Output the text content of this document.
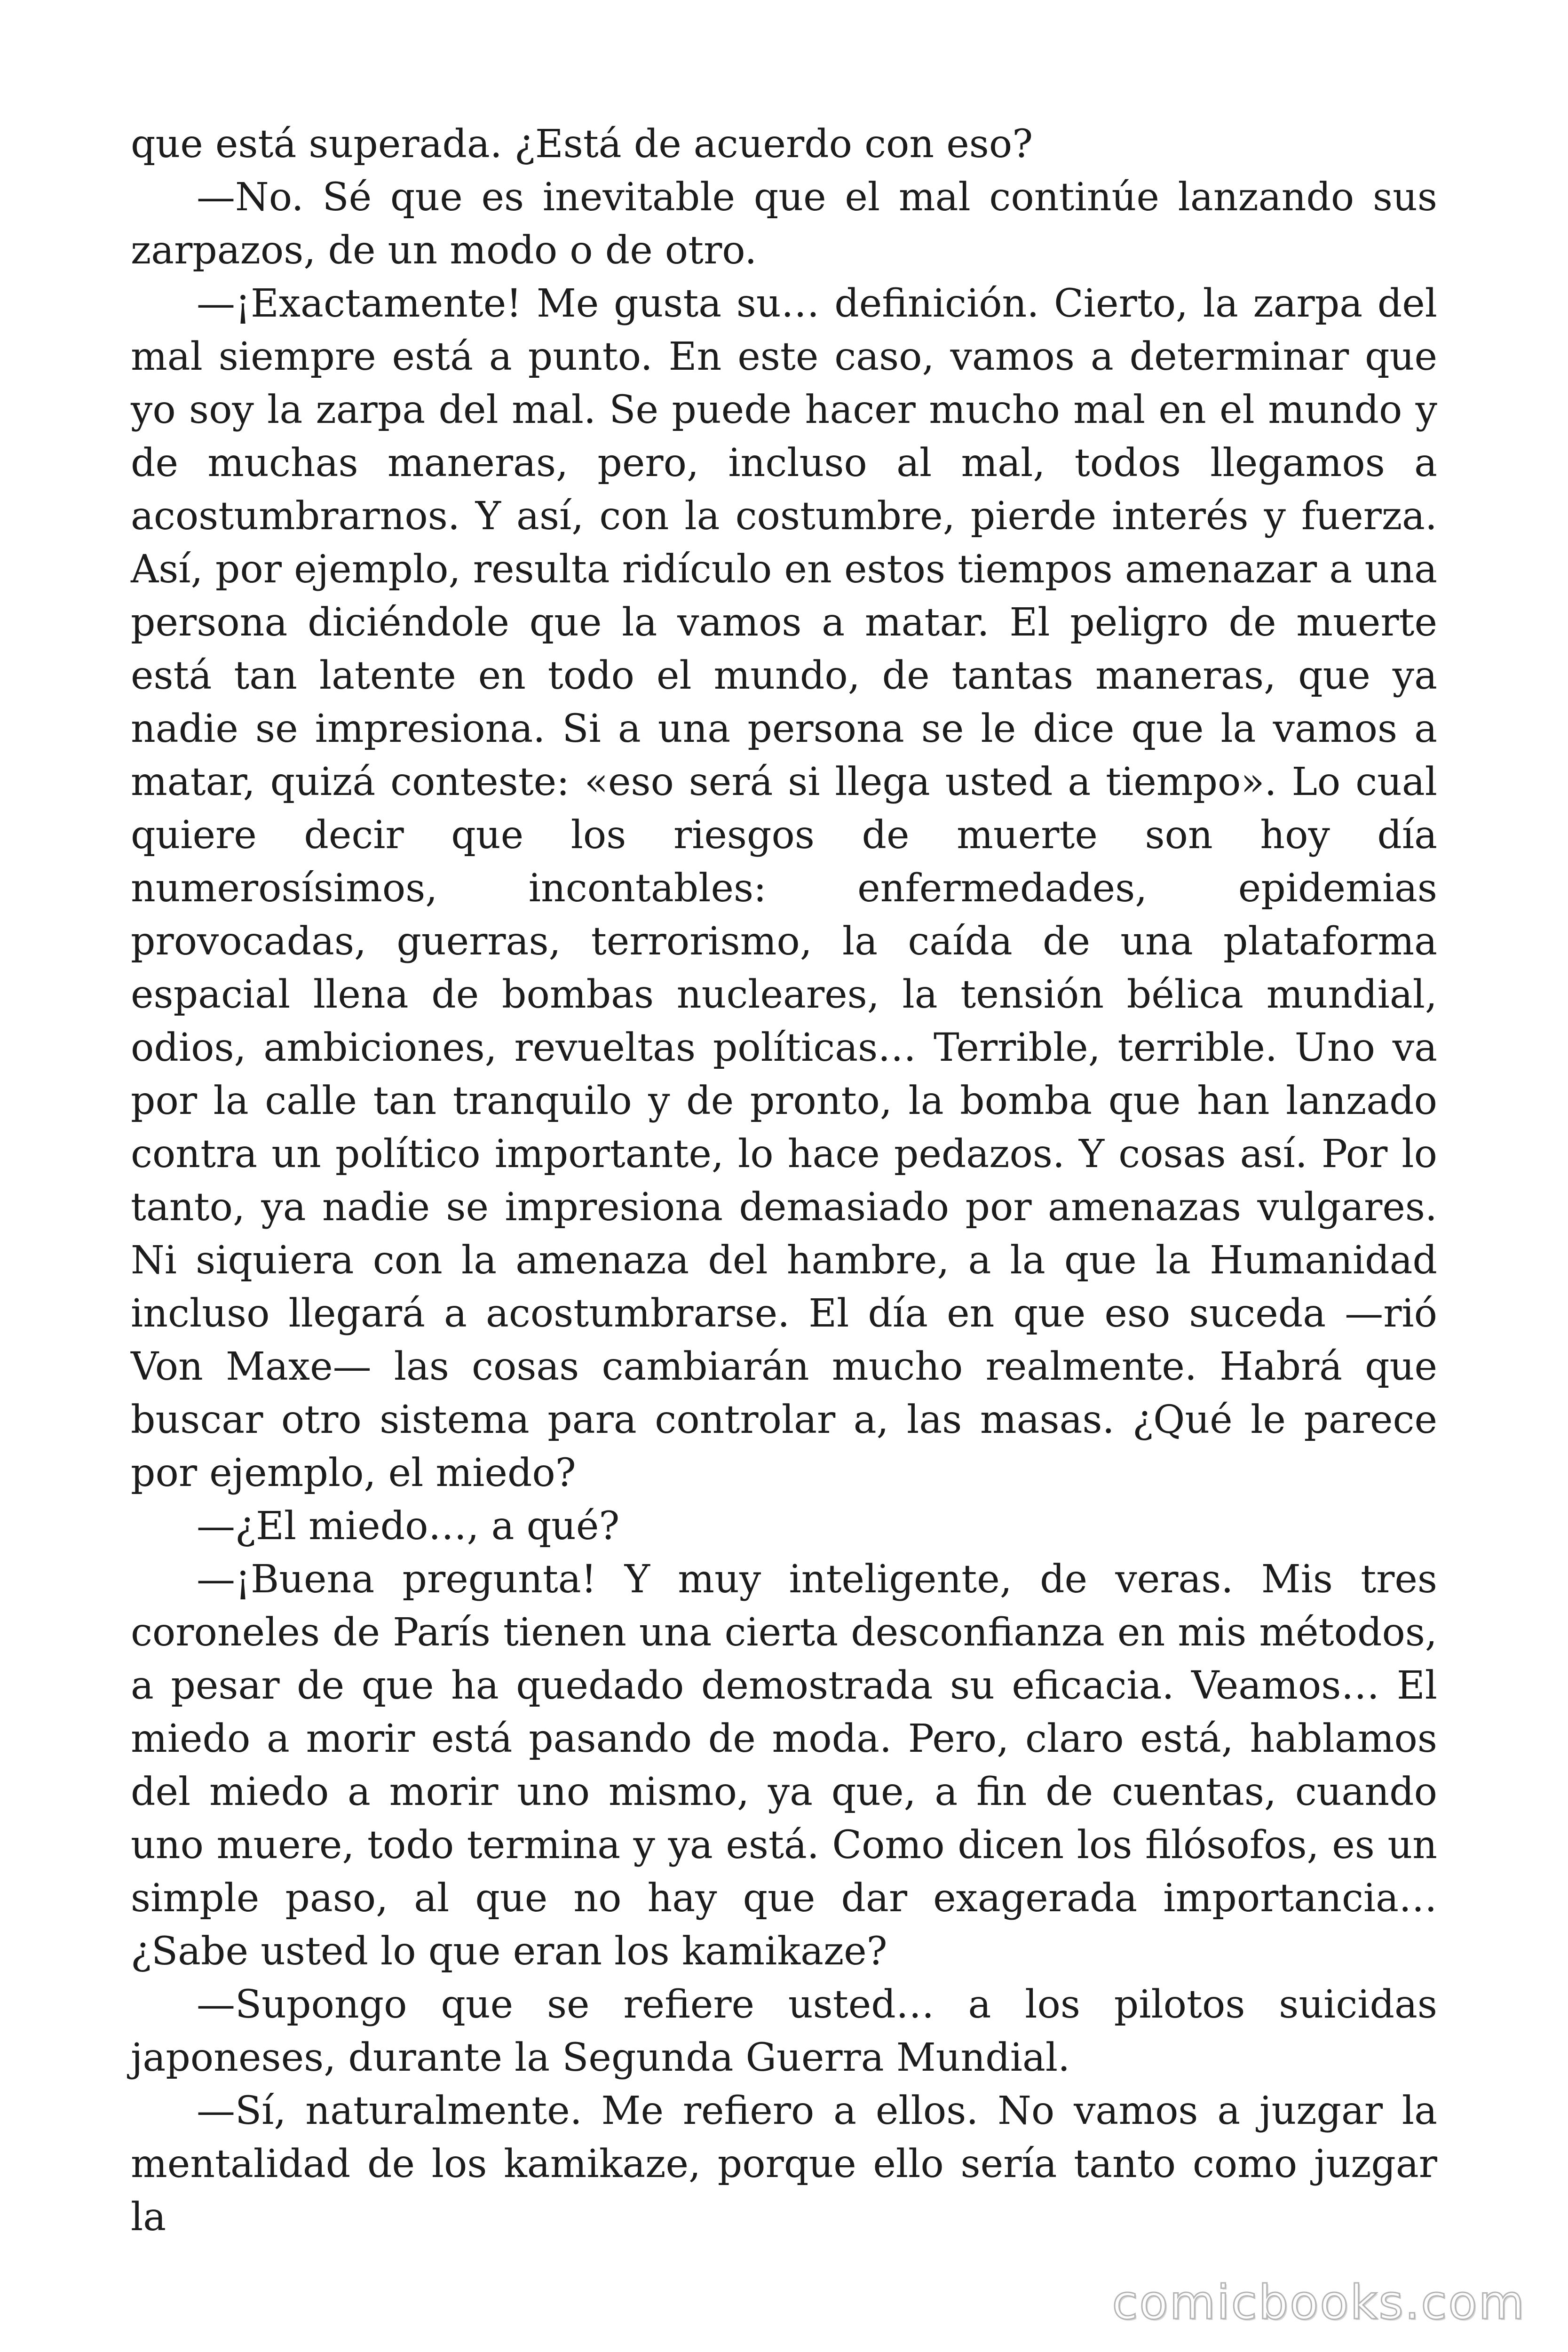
que está superada. ¿Está de acuerdo con eso?

—No. Sé que es inevitable que el mal continúe lanzando sus zarpazos, de un modo o de otro.

—¡Exactamente! Me gusta su… definición. Cierto, la zarpa del mal siempre está a punto. En este caso, vamos a determinar que yo soy la zarpa del mal. Se puede hacer mucho mal en el mundo y de muchas maneras, pero, incluso al mal, todos llegamos a acostumbrarnos. Y así, con la costumbre, pierde interés y fuerza. Así, por ejemplo, resulta ridículo en estos tiempos amenazar a una persona diciéndole que la vamos a matar. El peligro de muerte está tan latente en todo el mundo, de tantas maneras, que ya nadie se impresiona. Si a una persona se le dice que la vamos a matar, quizá conteste: «eso será si llega usted a tiempo». Lo cual quiere decir que los riesgos de muerte son hoy día numerosísimos, incontables: enfermedades, epidemias provocadas, guerras, terrorismo, la caída de una plataforma espacial llena de bombas nucleares, la tensión bélica mundial, odios, ambiciones, revueltas políticas… Terrible, terrible. Uno va por la calle tan tranquilo y de pronto, la bomba que han lanzado contra un político importante, lo hace pedazos. Y cosas así. Por lo tanto, ya nadie se impresiona demasiado por amenazas vulgares. Ni siquiera con la amenaza del hambre, a la que la Humanidad incluso llegará a acostumbrarse. El día en que eso suceda —rió Von Maxe— las cosas cambiarán mucho realmente. Habrá que buscar otro sistema para controlar a, las masas. ¿Qué le parece por ejemplo, el miedo?

—¿El miedo…, a qué?

—¡Buena pregunta! Y muy inteligente, de veras. Mis tres coroneles de París tienen una cierta desconfianza en mis métodos, a pesar de que ha quedado demostrada su eficacia. Veamos… El miedo a morir está pasando de moda. Pero, claro está, hablamos del miedo a morir uno mismo, ya que, a fin de cuentas, cuando uno muere, todo termina y ya está. Como dicen los filósofos, es un simple paso, al que no hay que dar exagerada importancia… ¿Sabe usted lo que eran los kamikaze?

—Supongo que se refiere usted… a los pilotos suicidas japoneses, durante la Segunda Guerra Mundial.

—Sí, naturalmente. Me refiero a ellos. No vamos a juzgar la mentalidad de los kamikaze, porque ello sería tanto como juzgar la

comicbooks.com
